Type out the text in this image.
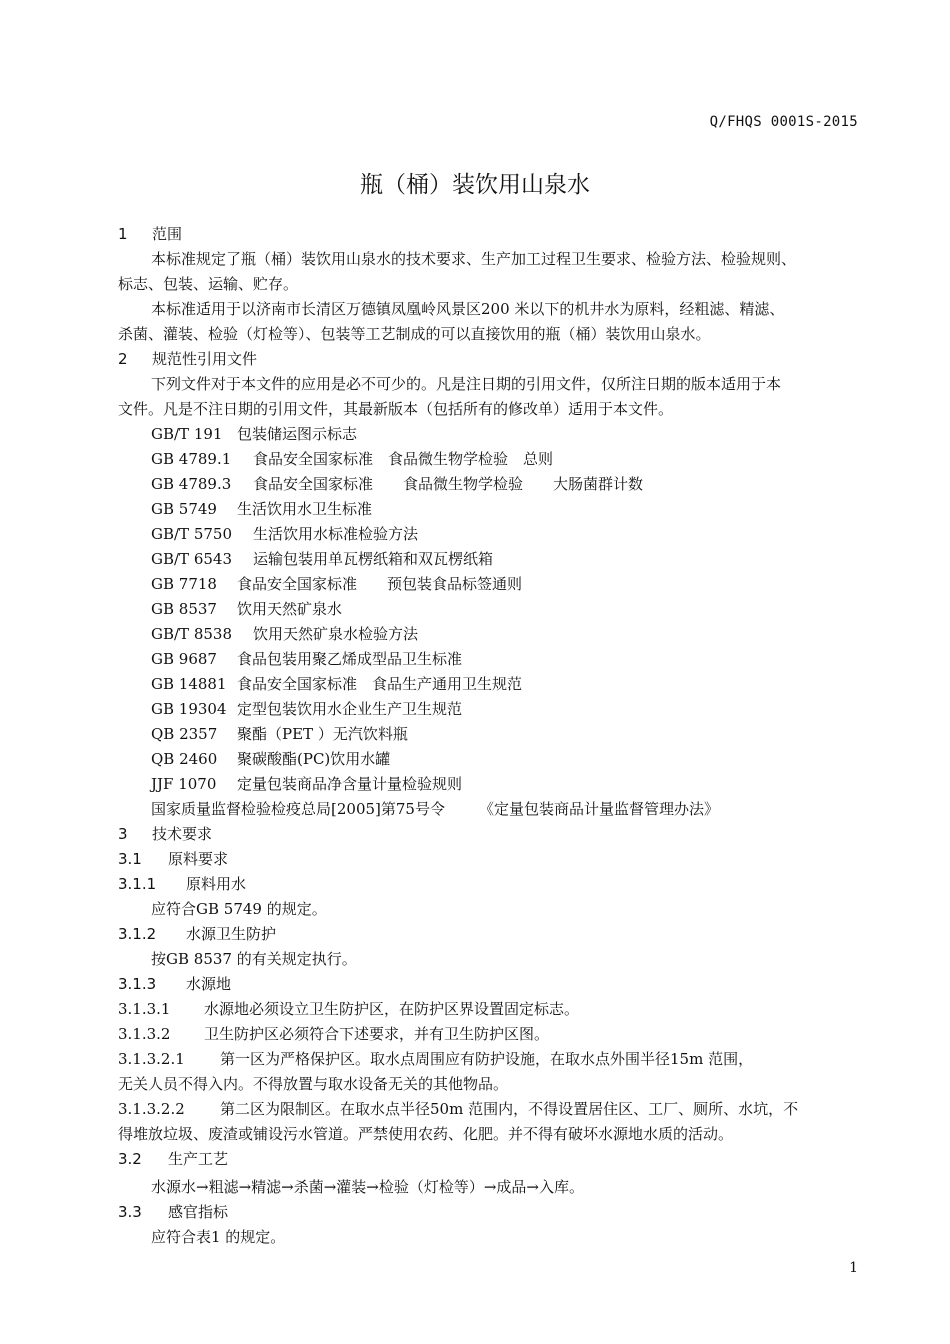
Q/FHQS 0001S-2015
瓶（桶）装饮用山泉水
1 范围
本标准规定了瓶（桶）装饮用山泉水的技术要求、生产加工过程卫生要求、检验方法、检验规则、
标志、包装、运输、贮存。
本标准适用于以济南市长清区万德镇凤凰岭风景区200 米以下的机井水为原料，经粗滤、精滤、
杀菌、灌装、检验（灯检等）、包装等工艺制成的可以直接饮用的瓶（桶）装饮用山泉水。
2 规范性引用文件
下列文件对于本文件的应用是必不可少的。凡是注日期的引用文件，仅所注日期的版本适用于本
文件。凡是不注日期的引用文件，其最新版本（包括所有的修改单）适用于本文件。
GB/T 191 包装储运图示标志
GB 4789.1 食品安全国家标准　食品微生物学检验　总则
GB 4789.3 食品安全国家标准　　食品微生物学检验　　大肠菌群计数
GB 5749 生活饮用水卫生标准
GB/T 5750 生活饮用水标准检验方法
GB/T 6543 运输包装用单瓦楞纸箱和双瓦楞纸箱
GB 7718 食品安全国家标准　　预包装食品标签通则
GB 8537 饮用天然矿泉水
GB/T 8538 饮用天然矿泉水检验方法
GB 9687 食品包装用聚乙烯成型品卫生标准
GB 14881 食品安全国家标准　食品生产通用卫生规范
GB 19304 定型包装饮用水企业生产卫生规范
QB 2357 聚酯（PET ）无汽饮料瓶
QB 2460 聚碳酸酯(PC)饮用水罐
JJF 1070 定量包装商品净含量计量检验规则
国家质量监督检验检疫总局[2005]第75号令 《定量包装商品计量监督管理办法》
3 技术要求
3.1 原料要求
3.1.1 原料用水
应符合GB 5749 的规定。
3.1.2 水源卫生防护
按GB 8537 的有关规定执行。
3.1.3 水源地
3.1.3.1 水源地必须设立卫生防护区，在防护区界设置固定标志。
3.1.3.2 卫生防护区必须符合下述要求，并有卫生防护区图。
3.1.3.2.1 第一区为严格保护区。取水点周围应有防护设施，在取水点外围半径15m 范围，
无关人员不得入内。不得放置与取水设备无关的其他物品。
3.1.3.2.2 第二区为限制区。在取水点半径50m 范围内，不得设置居住区、工厂、厕所、水坑，不
得堆放垃圾、废渣或铺设污水管道。严禁使用农药、化肥。并不得有破坏水源地水质的活动。
3.2 生产工艺
水源水→粗滤→精滤→杀菌→灌装→检验（灯检等）→成品→入库。
3.3 感官指标
应符合表1 的规定。
1
